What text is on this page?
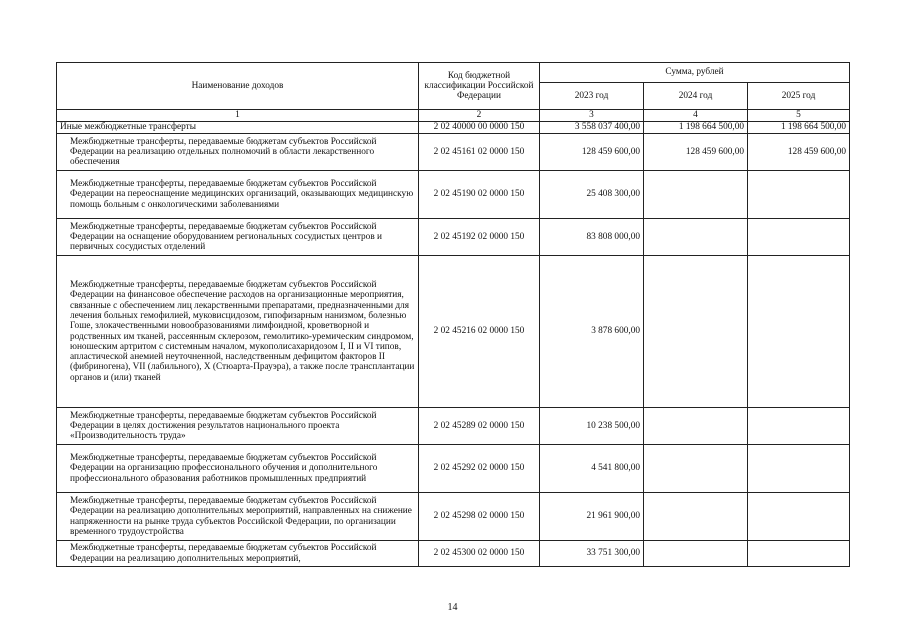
Наименование доходов	Код бюджетной классификации Российской Федерации	Сумма, рублей		
		2023 год	2024 год	2025 год
1	2	3	4	5
Иные межбюджетные трансферты	2 02 40000 00 0000 150	3 558 037 400,00	1 198 664 500,00	1 198 664 500,00
Межбюджетные трансферты, передаваемые бюджетам субъектов Российской Федерации на реализацию отдельных полномочий в области лекарственного обеспечения	2 02 45161 02 0000 150	128 459 600,00	128 459 600,00	128 459 600,00
Межбюджетные трансферты, передаваемые бюджетам субъектов Российской Федерации на переоснащение медицинских организаций, оказывающих медицинскую помощь больным с онкологическими заболеваниями	2 02 45190 02 0000 150	25 408 300,00		
Межбюджетные трансферты, передаваемые бюджетам субъектов Российской Федерации на оснащение оборудованием региональных сосудистых центров и первичных сосудистых отделений	2 02 45192 02 0000 150	83 808 000,00		
Межбюджетные трансферты, передаваемые бюджетам субъектов Российской Федерации на финансовое обеспечение расходов на организационные мероприятия, связанные с обеспечением лиц лекарственными препаратами, предназначенными для лечения больных гемофилией, муковисцидозом, гипофизарным нанизмом, болезнью Гоше, злокачественными новообразованиями лимфоидной, кроветворной и родственных им тканей, рассеянным склерозом, гемолитико-уремическим синдромом, юношеским артритом с системным началом, мукополисахаридозом I, II и VI типов, апластической анемией неуточненной, наследственным дефицитом факторов II (фибриногена), VII (лабильного), X (Стюарта-Прауэра), а также после трансплантации органов и (или) тканей	2 02 45216 02 0000 150	3 878 600,00		
Межбюджетные трансферты, передаваемые бюджетам субъектов Российской Федерации в целях достижения результатов национального проекта «Производительность труда»	2 02 45289 02 0000 150	10 238 500,00		
Межбюджетные трансферты, передаваемые бюджетам субъектов Российской Федерации на организацию профессионального обучения и дополнительного профессионального образования работников промышленных предприятий	2 02 45292 02 0000 150	4 541 800,00		
Межбюджетные трансферты, передаваемые бюджетам субъектов Российской Федерации на реализацию дополнительных мероприятий, направленных на снижение напряженности на рынке труда субъектов Российской Федерации, по организации временного трудоустройства	2 02 45298 02 0000 150	21 961 900,00		
Межбюджетные трансферты, передаваемые бюджетам субъектов Российской Федерации на реализацию дополнительных мероприятий,	2 02 45300 02 0000 150	33 751 300,00		
14
